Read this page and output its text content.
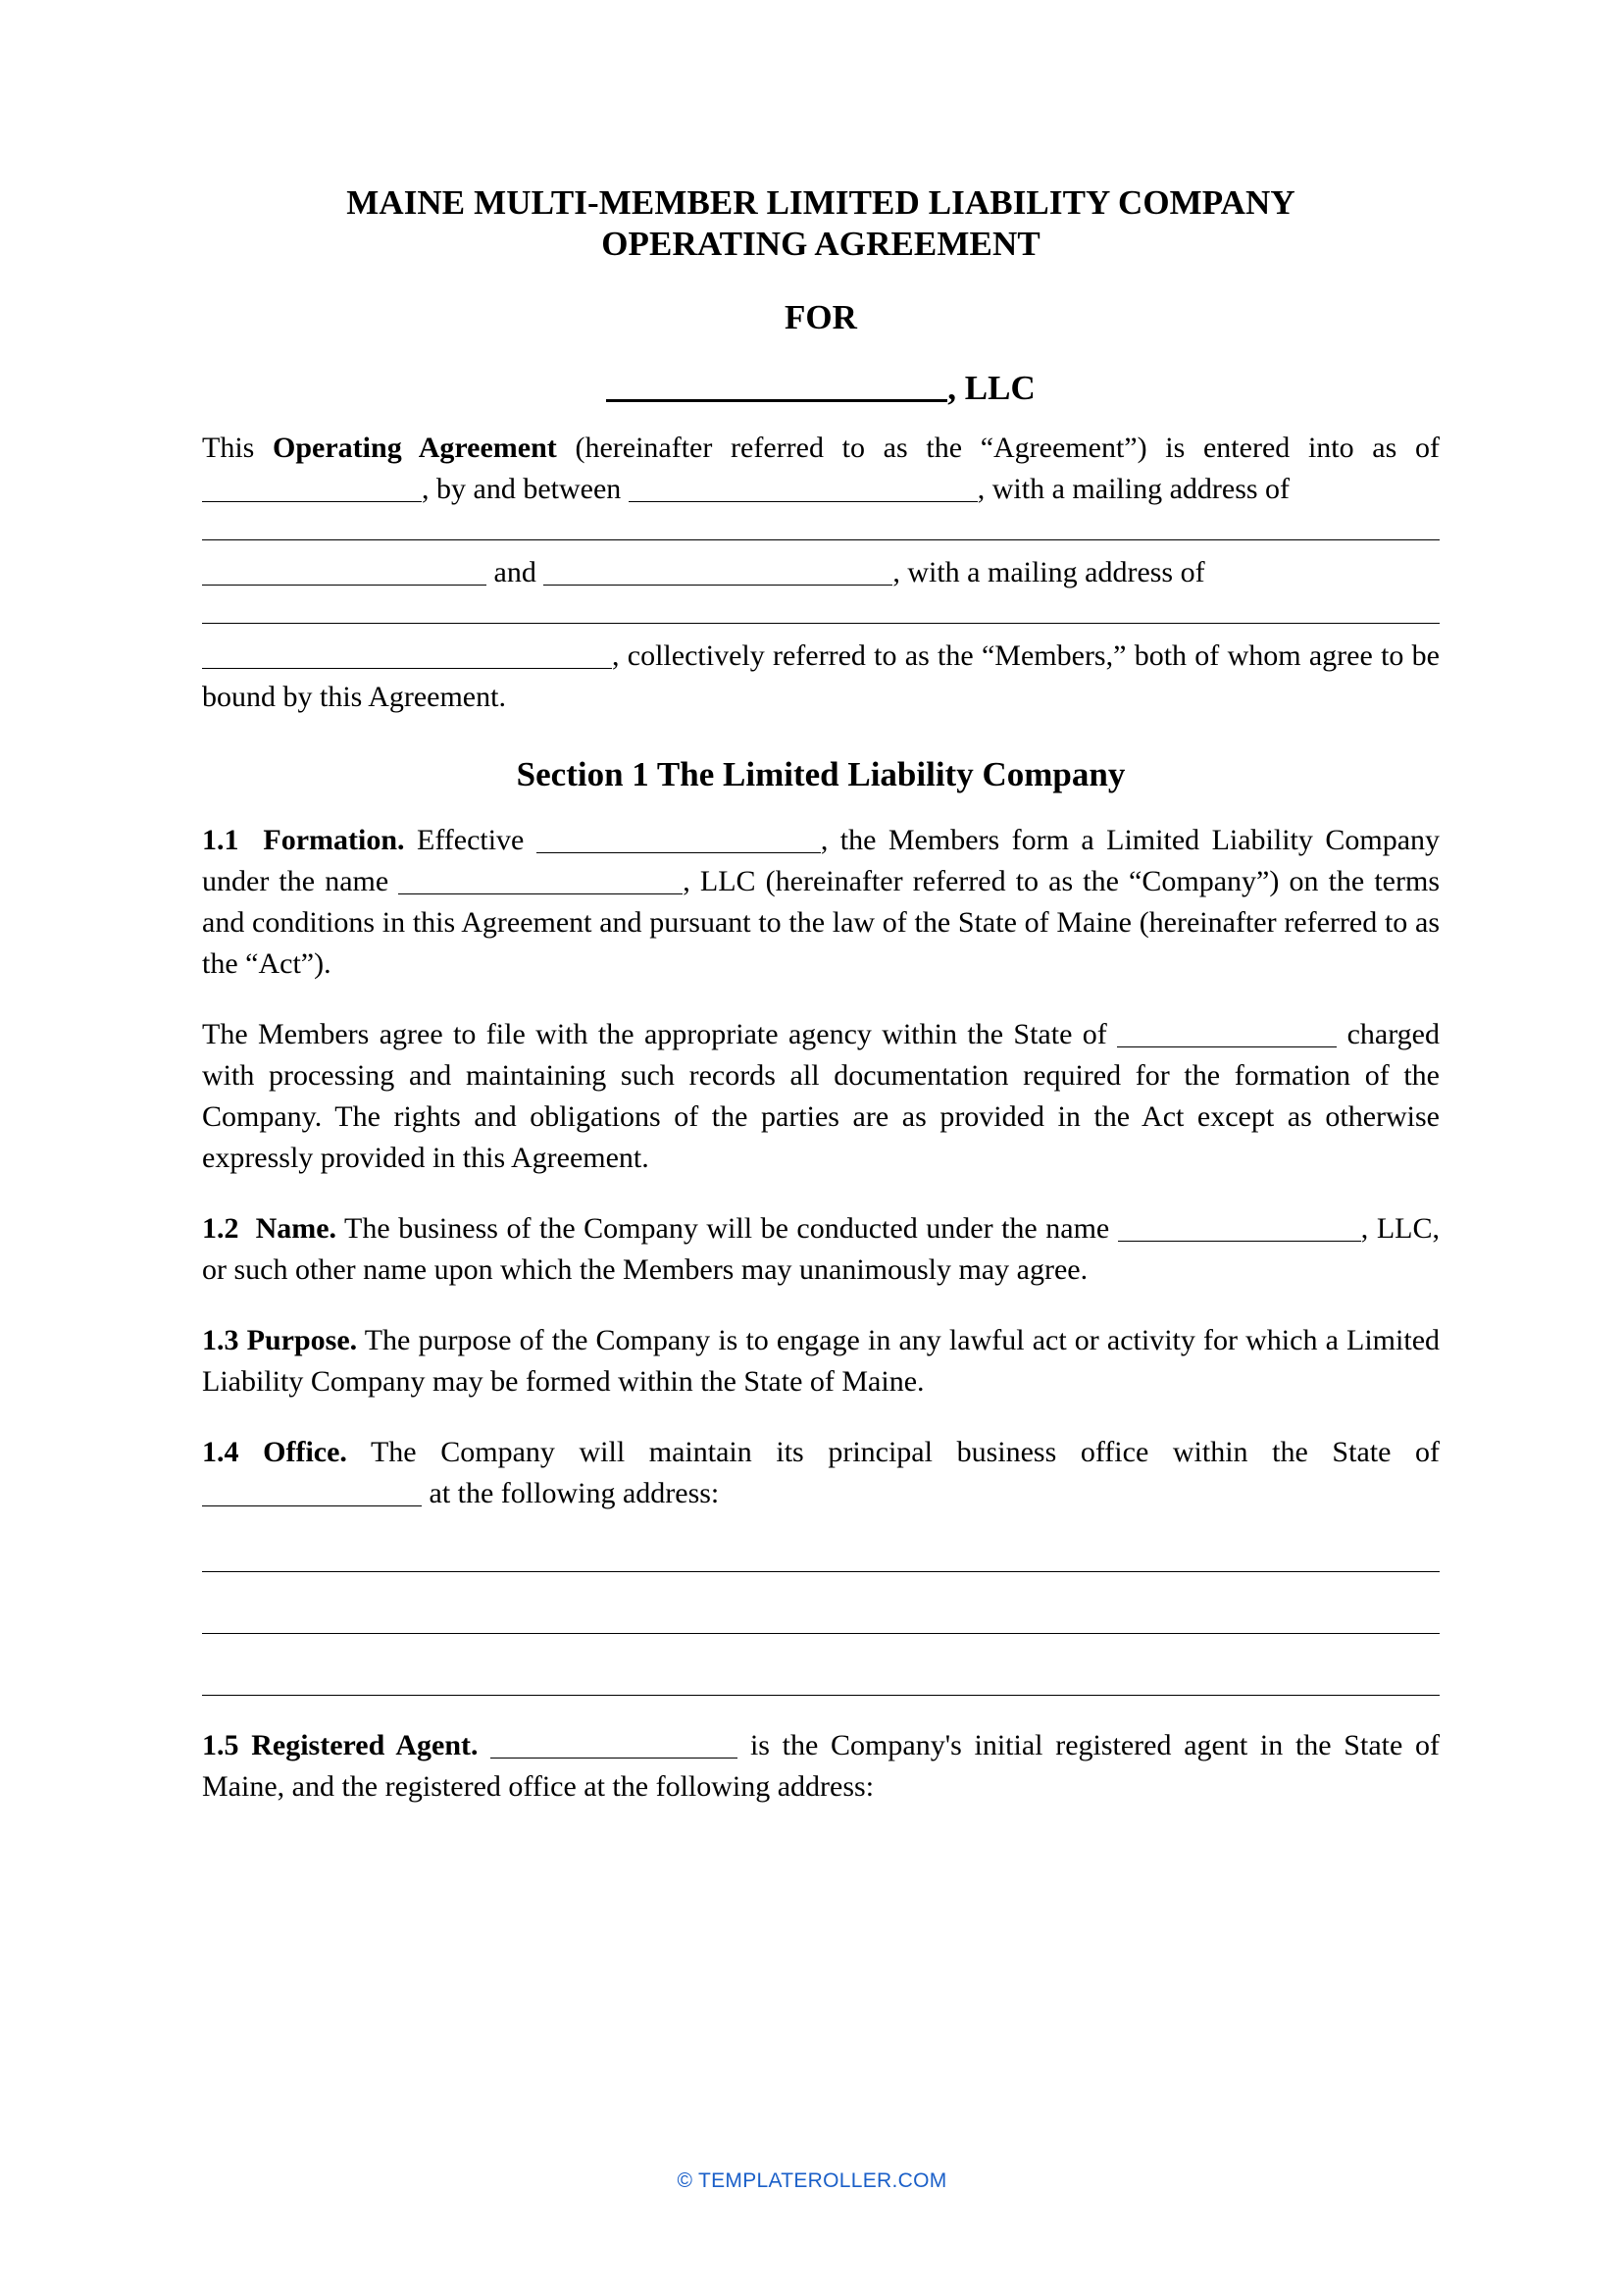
MAINE MULTI-MEMBER LIMITED LIABILITY COMPANY
OPERATING AGREEMENT
FOR
, LLC

This Operating Agreement (hereinafter referred to as the “Agreement”) is entered into as of , by and between	, with a mailing address of
and	, with a mailing address of
, collectively referred to as the “Members,” both of whom agree to be bound by this Agreement.

Section 1 The Limited Liability Company

1.1 Formation. Effective	, the Members form a Limited Liability Company under the name	, LLC (hereinafter referred to as the “Company”) on the terms and conditions in this Agreement and pursuant to the law of the State of Maine (hereinafter referred to as the “Act”).

The Members agree to file with the appropriate agency within the State of	charged with processing and maintaining such records all documentation required for the formation of the Company. The rights and obligations of the parties are as provided in the Act except as otherwise expressly provided in this Agreement.

1.2 Name. The business of the Company will be conducted under the name	, LLC, or such other name upon which the Members may unanimously may agree.

1.3 Purpose. The purpose of the Company is to engage in any lawful act or activity for which a Limited Liability Company may be formed within the State of Maine.

1.4 Office. The Company will maintain its principal business office within the State of  at the following address:

1.5 Registered Agent.	is the Company's initial registered agent in the State of Maine, and the registered office at the following address:

© TEMPLATEROLLER.COM
